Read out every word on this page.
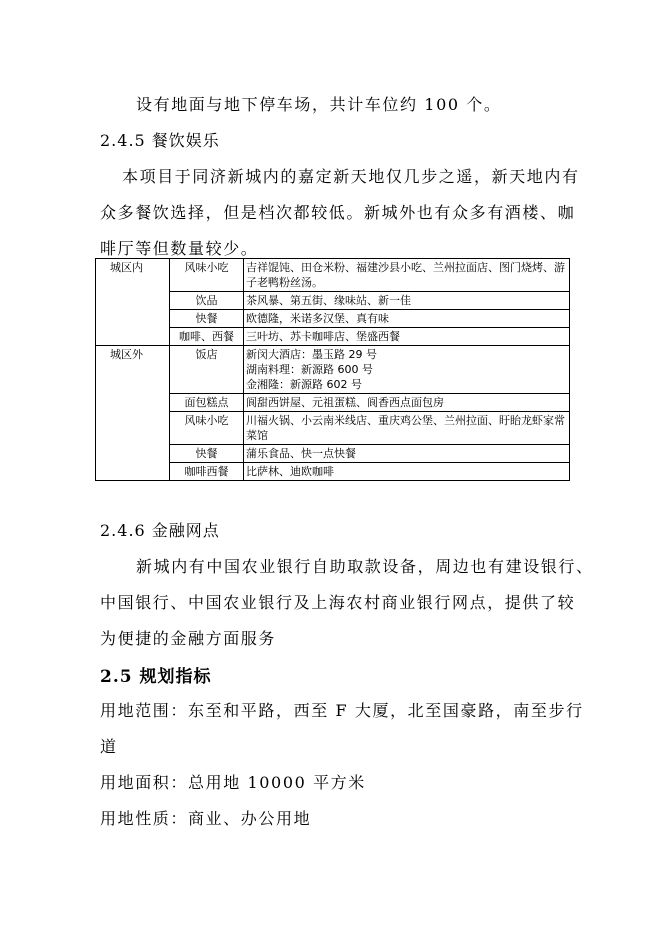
设有地面与地下停车场，共计车位约 100 个。

2.4.5 餐饮娱乐

本项目于同济新城内的嘉定新天地仅几步之遥，新天地内有

众多餐饮选择，但是档次都较低。新城外也有众多有酒楼、咖

啡厅等但数量较少。

城区内	风味小吃	吉祥馄饨、田仓米粉、福建沙县小吃、兰州拉面店、图门烧烤、游子老鸭粉丝汤。
	饮品	茶风暴、第五街、缘味站、新一佳
	快餐	欧德隆，米诺多汉堡、真有味
	咖啡、西餐	三叶坊、苏卡咖啡店、堡盛西餐
城区外	饭店	新闵大酒店：墨玉路 29 号
湖南料理：新源路 600 号
金湘隆：新源路 602 号

	面包糕点	阆甜西饼屋、元祖蛋糕、阆香西点面包房
	风味小吃	川福火锅、小云南米线店、重庆鸡公堡、兰州拉面、盱眙龙虾家常菜馆
	快餐	蒲乐食品、快一点快餐
	咖啡西餐	比萨林、迪欧咖啡

2.4.6 金融网点

新城内有中国农业银行自助取款设备，周边也有建设银行、

中国银行、中国农业银行及上海农村商业银行网点，提供了较

为便捷的金融方面服务

2.5 规划指标

用地范围：东至和平路，西至 F 大厦，北至国豪路，南至步行

道

用地面积：总用地 10000 平方米

用地性质：商业、办公用地
